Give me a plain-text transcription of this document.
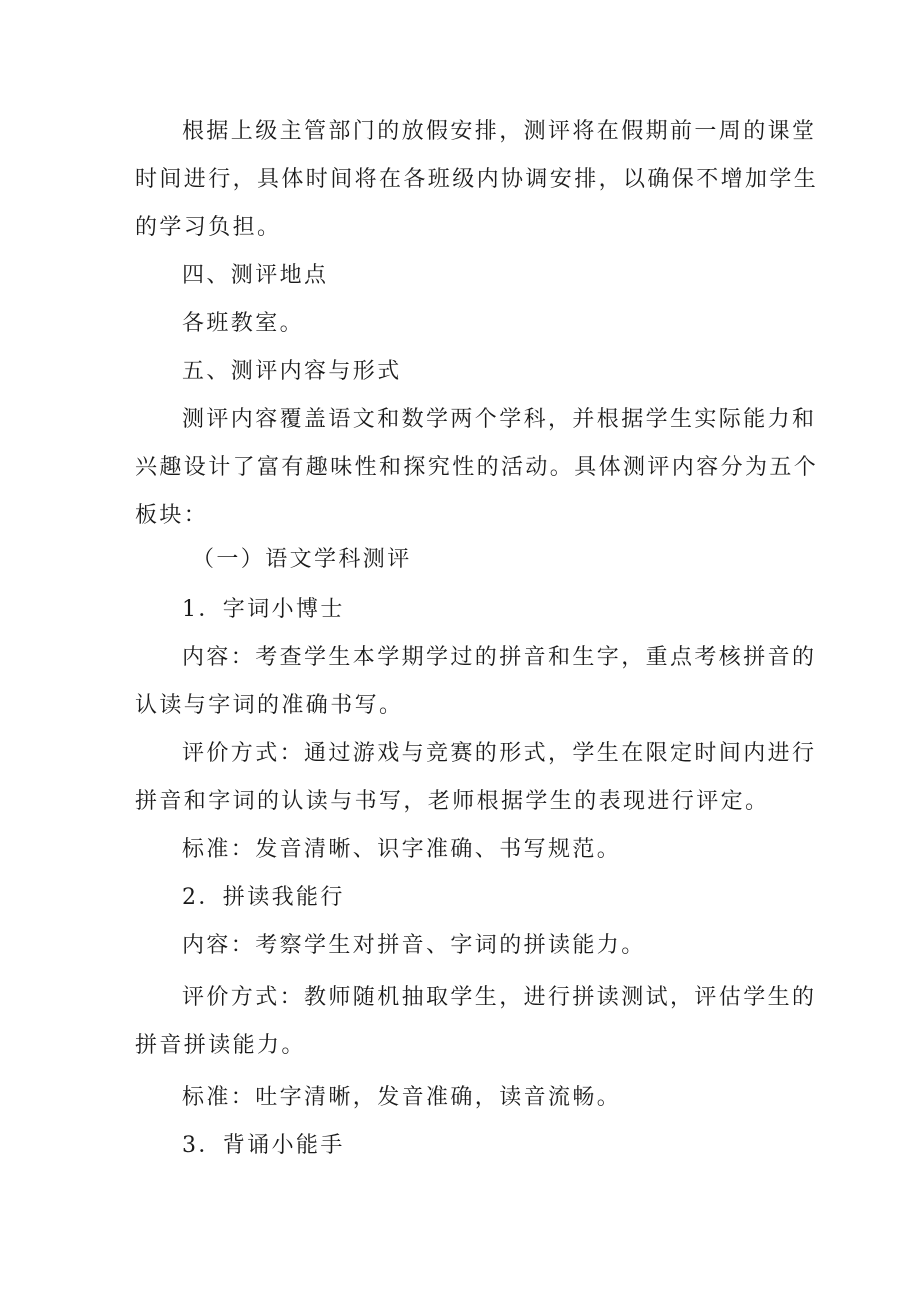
根据上级主管部门的放假安排，测评将在假期前一周的课堂

时间进行，具体时间将在各班级内协调安排，以确保不增加学生

的学习负担。

四、测评地点

各班教室。

五、测评内容与形式

测评内容覆盖语文和数学两个学科，并根据学生实际能力和

兴趣设计了富有趣味性和探究性的活动。具体测评内容分为五个

板块：

（一）语文学科测评

1．字词小博士

内容：考查学生本学期学过的拼音和生字，重点考核拼音的

认读与字词的准确书写。

评价方式：通过游戏与竞赛的形式，学生在限定时间内进行

拼音和字词的认读与书写，老师根据学生的表现进行评定。

标准：发音清晰、识字准确、书写规范。

2．拼读我能行

内容：考察学生对拼音、字词的拼读能力。

评价方式：教师随机抽取学生，进行拼读测试，评估学生的

拼音拼读能力。

标准：吐字清晰，发音准确，读音流畅。

3．背诵小能手
